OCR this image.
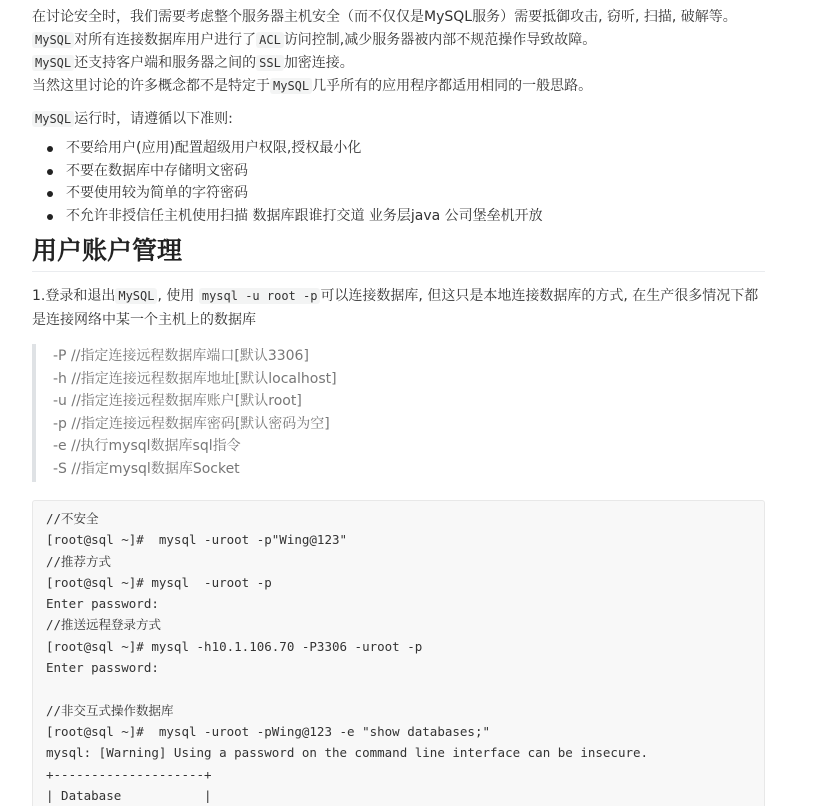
在讨论安全时，我们需要考虑整个服务器主机安全（而不仅仅是MySQL服务）需要抵御攻击, 窃听, 扫描, 破解等。

MySQL 对所有连接数据库用户进行了 ACL 访问控制,减少服务器被内部不规范操作导致故障。

MySQL 还支持客户端和服务器之间的 SSL 加密连接。

当然这里讨论的许多概念都不是特定于 MySQL 几乎所有的应用程序都适用相同的一般思路。

MySQL 运行时，请遵循以下准则:

不要给用户(应用)配置超级用户权限,授权最小化
不要在数据库中存储明文密码
不要使用较为简单的字符密码
不允许非授信任主机使用扫描 数据库跟谁打交道 业务层java 公司堡垒机开放
用户账户管理

1.登录和退出 MySQL , 使用 mysql -u root -p 可以连接数据库, 但这只是本地连接数据库的方式, 在生产很多情况下都是连接网络中某一个主机上的数据库

-P //指定连接远程数据库端口[默认3306]
-h //指定连接远程数据库地址[默认localhost]
-u //指定连接远程数据库账户[默认root]
-p //指定连接远程数据库密码[默认密码为空]
-e //执行mysql数据库sql指令
-S //指定mysql数据库Socket
//不安全
[root@sql ~]#  mysql -uroot -p"Wing@123"
//推荐方式
[root@sql ~]# mysql  -uroot -p
Enter password:
//推送远程登录方式
[root@sql ~]# mysql -h10.1.106.70 -P3306 -uroot -p
Enter password:
//非交互式操作数据库
[root@sql ~]#  mysql -uroot -pWing@123 -e "show databases;"
mysql: [Warning] Using a password on the command line interface can be insecure.
+--------------------+
| Database           |
